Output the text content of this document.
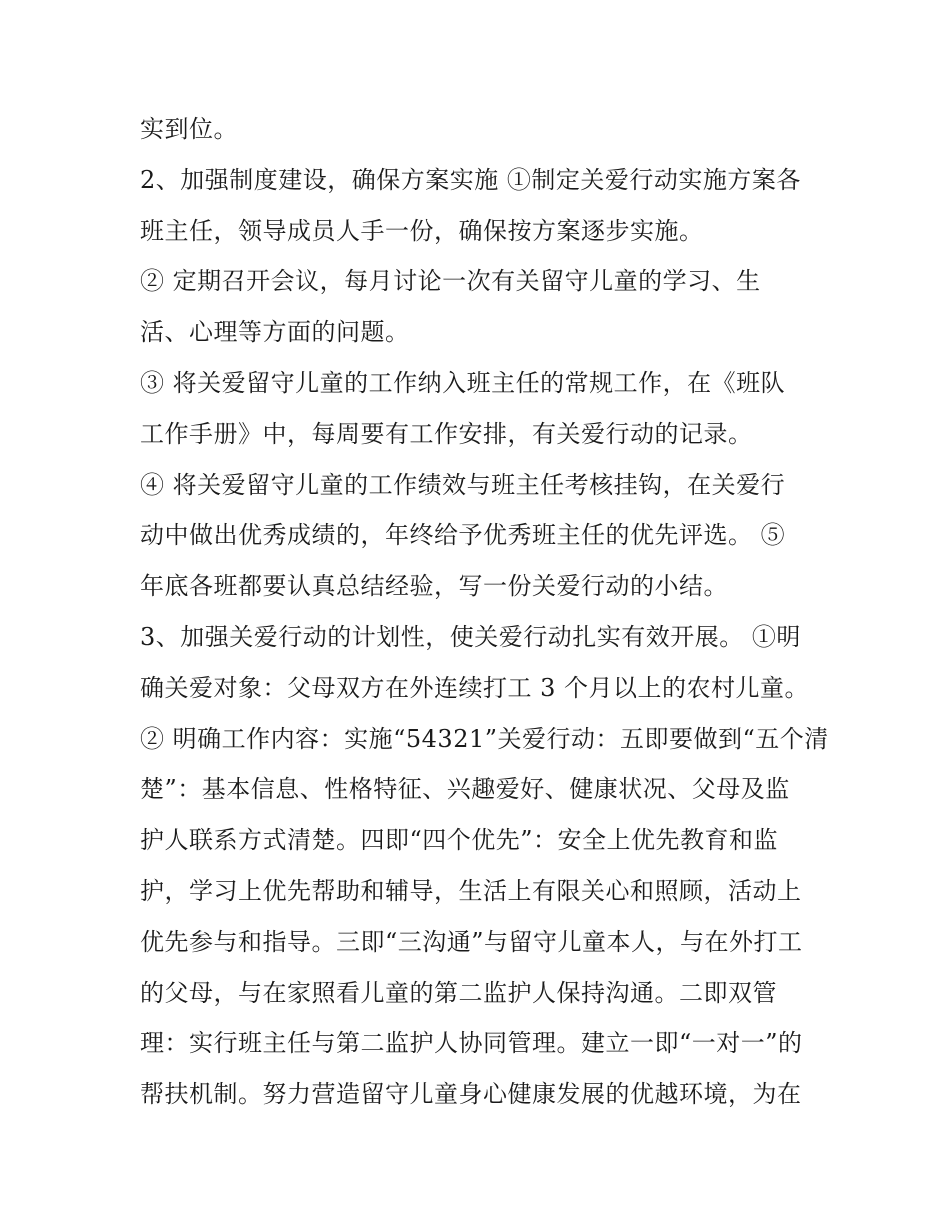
实到位。
2、加强制度建设，确保方案实施 ①制定关爱行动实施方案各
班主任，领导成员人手一份，确保按方案逐步实施。
② 定期召开会议，每月讨论一次有关留守儿童的学习、生
活、心理等方面的问题。
③ 将关爱留守儿童的工作纳入班主任的常规工作，在《班队
工作手册》中，每周要有工作安排，有关爱行动的记录。
④ 将关爱留守儿童的工作绩效与班主任考核挂钩，在关爱行
动中做出优秀成绩的，年终给予优秀班主任的优先评选。 ⑤
年底各班都要认真总结经验，写一份关爱行动的小结。
3、加强关爱行动的计划性，使关爱行动扎实有效开展。 ①明
确关爱对象：父母双方在外连续打工 3 个月以上的农村儿童。
② 明确工作内容：实施“54321”关爱行动：五即要做到“五个清
楚”：基本信息、性格特征、兴趣爱好、健康状况、父母及监
护人联系方式清楚。四即“四个优先”：安全上优先教育和监
护，学习上优先帮助和辅导，生活上有限关心和照顾，活动上
优先参与和指导。三即“三沟通”与留守儿童本人，与在外打工
的父母，与在家照看儿童的第二监护人保持沟通。二即双管
理：实行班主任与第二监护人协同管理。建立一即“一对一”的
帮扶机制。努力营造留守儿童身心健康发展的优越环境，为在
